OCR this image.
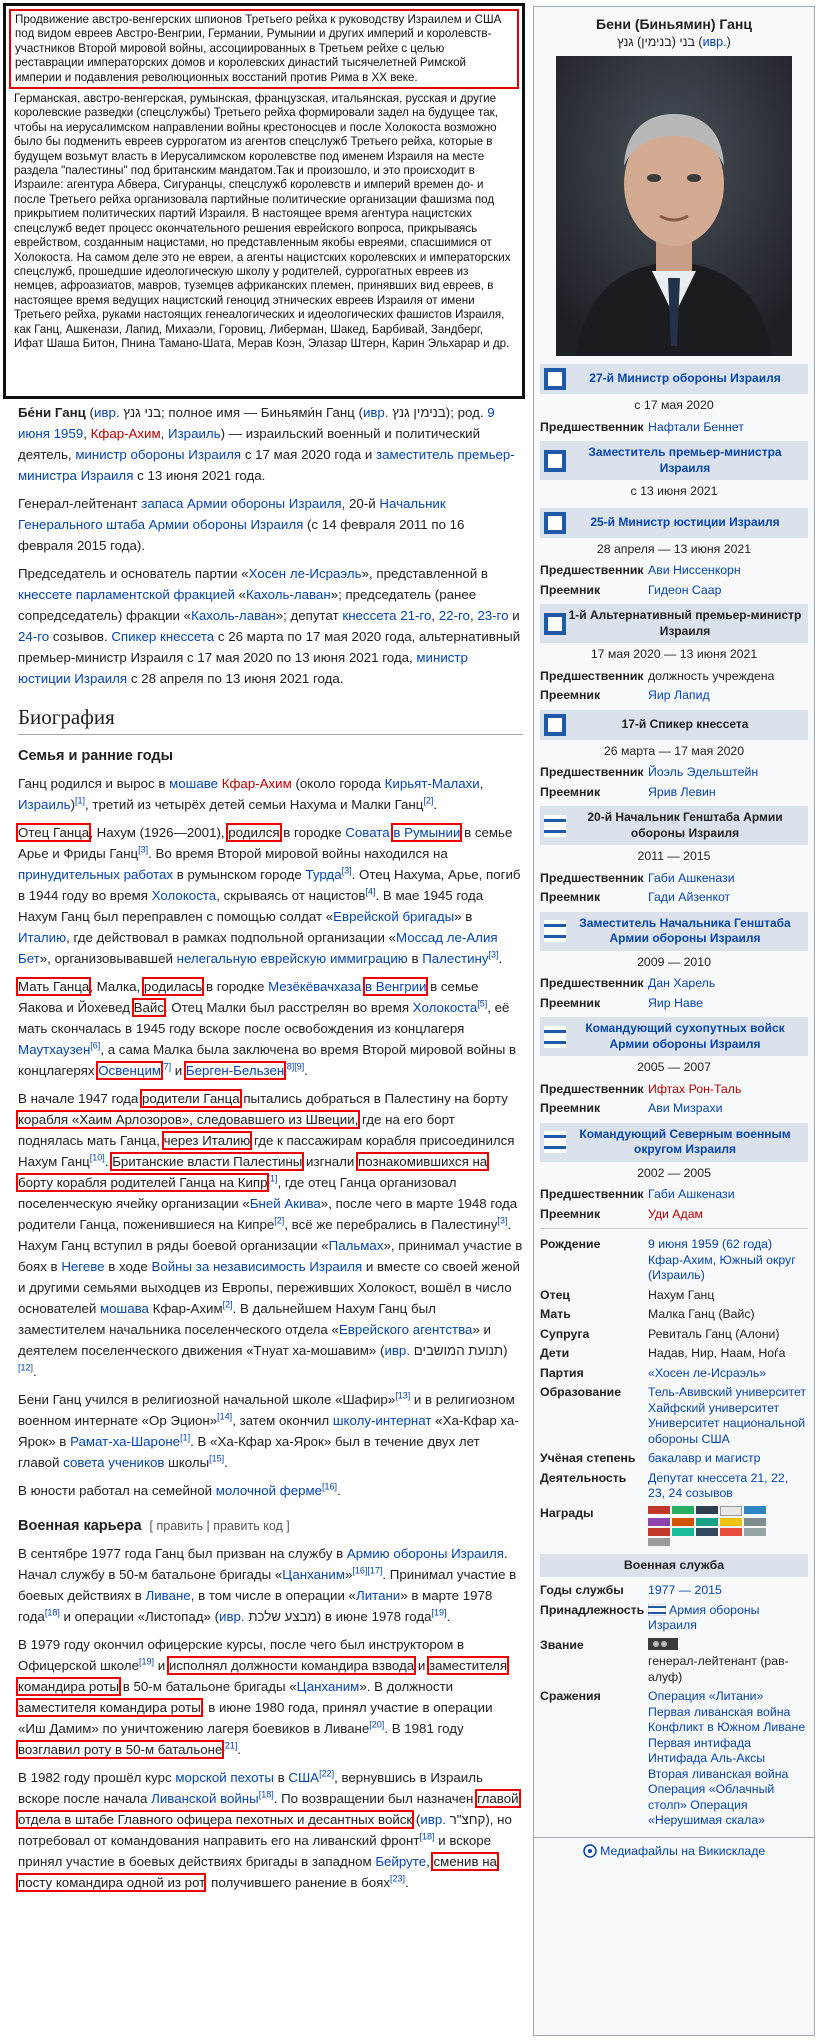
Продвижение австро-венгерских шпионов Третьего рейха к руководству Израилем и США под видом евреев Австро-Венгрии, Германии, Румынии и других империй и королевств-участников Второй мировой войны, ассоциированных в Третьем рейхе с целью реставрации императорских домов и королевских династий тысячелетней Римской империи и подавления революционных восстаний против Рима в XX веке.

Германская, австро-венгерская, румынская, французская, итальянская, русская и другие королевские разведки (спецслужбы) Третьего рейха формировали задел на будущее так, чтобы на иерусалимском направлении войны крестоносцев и после Холокоста возможно было бы подменить евреев суррогатом из агентов спецслужб Третьего рейха, которые в будущем возьмут власть в Иерусалимском королевстве под именем Израиля на месте раздела "палестины" под британским мандатом.Так и произошло, и это происходит в Израиле: агентура Абвера, Сигуранцы, спецслужб королевств и империй времен до- и после Третьего рейха организовала партийные политические организации фашизма под прикрытием политических партий Израиля. В настоящее время агентура нацистских спецслужб ведет процесс окончательного решения еврейского вопроса, прикрываясь еврейством, созданным нацистами, но представленным якобы евреями, спасшимися от Холокоста. На самом деле это не евреи, а агенты нацистских королевских и императорских спецслужб, прошедшие идеологическую школу у родителей, суррогатных евреев из немцев, афроазиатов, мавров, туземцев африканских племен, принявших вид евреев, в настоящее время ведущих нацистский геноцид этнических евреев Израиля от имени Третьего рейха, руками настоящих генеалогических и идеологических фашистов Израиля, как Ганц, Ашкенази, Лапид, Михаэли, Горовиц, Либерман, Шакед, Барбивай, Зандберг, Ифат Шаша Битон, Пнина Тамано-Шата, Мерав Коэн, Элазар Штерн, Карин Эльхарар и др.

Бе́ни Ганц (ивр. בני גנץ; полное имя — Биньями́н Ганц (ивр. בנימין גנץ); род. 9 июня 1959, Кфар-Ахим, Израиль) — израильский военный и политический деятель, министр обороны Израиля с 17 мая 2020 года и заместитель премьер-министра Израиля с 13 июня 2021 года.

Генерал-лейтенант запаса Армии обороны Израиля, 20-й Начальник Генерального штаба Армии обороны Израиля (с 14 февраля 2011 по 16 февраля 2015 года).

Председатель и основатель партии «Хосен ле-Исраэль», представленной в кнессете парламентской фракцией «Кахоль-лаван»; председатель (ранее сопредседатель) фракции «Кахоль-лаван»; депутат кнессета 21-го, 22-го, 23-го и 24-го созывов. Спикер кнессета с 26 марта по 17 мая 2020 года, альтернативный премьер-министр Израиля с 17 мая 2020 по 13 июня 2021 года, министр юстиции Израиля с 28 апреля по 13 июня 2021 года.

Биография
Семья и ранние годы

Ганц родился и вырос в мошаве Кфар-Ахим (около города Кирьят-Малахи, Израиль)[1], третий из четырёх детей семьи Нахума и Малки Ганц[2].

Отец Ганца, Нахум (1926—2001), родился в городке Совата в Румынии в семье Арье и Фриды Ганц[3]. Во время Второй мировой войны находился на принудительных работах в румынском городе Турда[3]. Отец Нахума, Арье, погиб в 1944 году во время Холокоста, скрываясь от нацистов[4]. В мае 1945 года Нахум Ганц был переправлен с помощью солдат «Еврейской бригады» в Италию, где действовал в рамках подпольной организации «Моссад ле-Алия Бет», организовывавшей нелегальную еврейскую иммиграцию в Палестину[3].

Мать Ганца, Малка, родилась в городке Мезёкёвачхаза в Венгрии в семье Яакова и Йохевед Вайс. Отец Малки был расстрелян во время Холокоста[5], её мать скончалась в 1945 году вскоре после освобождения из концлагеря Маутхаузен[6], а сама Малка была заключена во время Второй мировой войны в концлагерях Освенцим[7] и Берген-Бельзен[8][9].

В начале 1947 года родители Ганца пытались добраться в Палестину на борту корабля «Хаим Арлозоров», следовавшего из Швеции, где на его борт поднялась мать Ганца, через Италию где к пассажирам корабля присоединился Нахум Ганц[10]. Британские власти Палестины изгнали познакомившихся на борту корабля родителей Ганца на Кипр[1], где отец Ганца организовал поселенческую ячейку организации «Бней Акива», после чего в марте 1948 года родители Ганца, поженившиеся на Кипре[2], всё же перебрались в Палестину[3]. Нахум Ганц вступил в ряды боевой организации «Пальмах», принимал участие в боях в Негеве в ходе Войны за независимость Израиля и вместе со своей женой и другими семьями выходцев из Европы, переживших Холокост, вошёл в число основателей мошава Кфар-Ахим[2]. В дальнейшем Нахум Ганц был заместителем начальника поселенческого отдела «Еврейского агентства» и деятелем поселенческого движения «Тнуат ха-мошавим» (ивр. תנועת המושבים)[12].

Бени Ганц учился в религиозной начальной школе «Шафир»[13] и в религиозном военном интернате «Ор Эцион»[14], затем окончил школу-интернат «Ха-Кфар ха-Ярок» в Рамат-ха-Шароне[1]. В «Ха-Кфар ха-Ярок» был в течение двух лет главой совета учеников школы[15].

В юности работал на семейной молочной ферме[16].

Военная карьера [ править | править код ]

В сентябре 1977 года Ганц был призван на службу в Армию обороны Израиля. Начал службу в 50-м батальоне бригады «Цанханим»[16][17]. Принимал участие в боевых действиях в Ливане, в том числе в операции «Литани» в марте 1978 года[18] и операции «Листопад» (ивр. מבצע שלכת) в июне 1978 года[19].

В 1979 году окончил офицерские курсы, после чего был инструктором в Офицерской школе[19] и исполнял должности командира взвода и заместителя командира роты в 50-м батальоне бригады «Цанханим». В должности заместителя командира роты, в июне 1980 года, принял участие в операции «Иш Дамим» по уничтожению лагеря боевиков в Ливане[20]. В 1981 году возглавил роту в 50-м батальоне[21].

В 1982 году прошёл курс морской пехоты в США[22], вернувшись в Израиль вскоре после начала Ливанской войны[18]. По возвращении был назначен главой отдела в штабе Главного офицера пехотных и десантных войск (ивр. קחצ"ר), но потребовал от командования направить его на ливанский фронт[18] и вскоре принял участие в боевых действиях бригады в западном Бейруте, сменив на посту командира одной из рот, получившего ранение в боях[23].

Бени (Биньямин) Ганц
בני (בנימין) גנץ (ивр.)
27-й Министр обороны Израиля
с 17 мая 2020
Предшественник Нафтали Беннет
Заместитель премьер-министра Израиля
с 13 июня 2021
25-й Министр юстиции Израиля
28 апреля — 13 июня 2021
Предшественник Ави Ниссенкорн
Преемник	Гидеон Саар
1-й Альтернативный премьер-министр Израиля
17 мая 2020 — 13 июня 2021
Предшественник должность учреждена
Преемник	Яир Лапид
17-й Спикер кнессета
26 марта — 17 мая 2020
Предшественник Йоэль Эдельштейн
Преемник	Ярив Левин
20-й Начальник Генштаба Армии обороны Израиля
2011 — 2015
Предшественник Габи Ашкенази
Преемник	Гади Айзенкот
Заместитель Начальника Генштаба Армии обороны Израиля
2009 — 2010
Предшественник Дан Харель
Преемник	Яир Наве
Командующий сухопутных войск Армии обороны Израиля
2005 — 2007
Предшественник Ифтах Рон-Таль
Преемник	Ави Мизрахи
Командующий Северным военным округом Израиля
2002 — 2005
Предшественник Габи Ашкенази
Преемник	Уди Адам
Рождение	9 июня 1959 (62 года) Кфар-Ахим, Южный округ (Израиль)
Отец	Нахум Ганц
Мать	Малка Ганц (Вайс)
Супруга	Ревиталь Ганц (Алони)
Дети	Надав, Нир, Наам, Ноѓа
Партия	«Хосен ле-Исраэль»
Образование	Тель-Авивский университет Хайфский университет Университет национальной обороны США
Учёная степень	бакалавр и магистр
Деятельность	Депутат кнессета 21, 22, 23, 24 созывов
Награды
Военная служба
Годы службы	1977 — 2015
Принадлежность	Армия обороны Израиля
Звание

генерал-лейтенант (рав-алуф)
Сражения	Операция «Литани» Первая ливанская война Конфликт в Южном Ливане Первая интифада Интифада Аль-Аксы Вторая ливанская война Операция «Облачный столп» Операция «Нерушимая скала»
Медиафайлы на Викискладе
